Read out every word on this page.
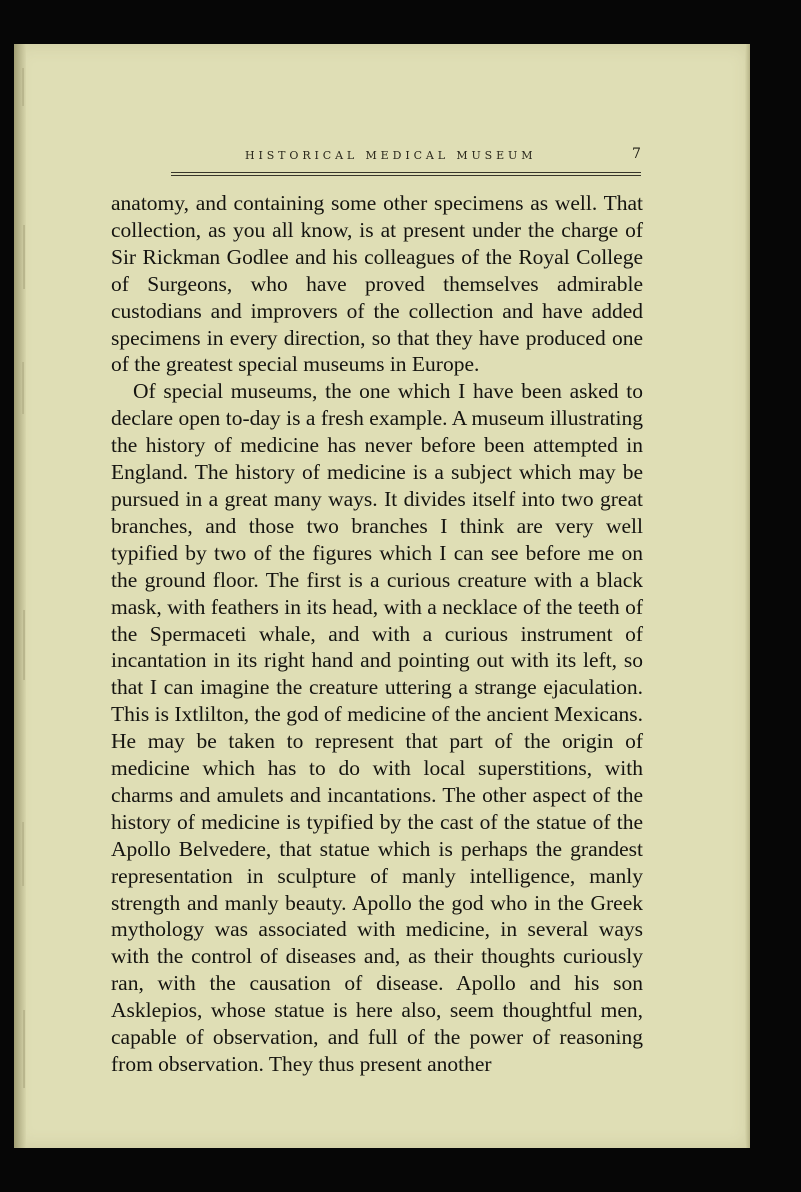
HISTORICAL MEDICAL MUSEUM	7

anatomy, and containing some other specimens as well. That collection, as you all know, is at present under the charge of Sir Rickman Godlee and his colleagues of the Royal College of Surgeons, who have proved themselves admirable custodians and improvers of the collection and have added specimens in every direction, so that they have produced one of the greatest special museums in Europe.

Of special museums, the one which I have been asked to declare open to-day is a fresh example. A museum illustrating the history of medicine has never before been attempted in England. The history of medicine is a subject which may be pursued in a great many ways. It divides itself into two great branches, and those two branches I think are very well typified by two of the figures which I can see before me on the ground floor. The first is a curious creature with a black mask, with feathers in its head, with a necklace of the teeth of the Spermaceti whale, and with a curious instrument of incantation in its right hand and pointing out with its left, so that I can imagine the creature uttering a strange ejaculation. This is Ixtlilton, the god of medicine of the ancient Mexicans. He may be taken to represent that part of the origin of medicine which has to do with local superstitions, with charms and amulets and incantations. The other aspect of the history of medicine is typified by the cast of the statue of the Apollo Belvedere, that statue which is perhaps the grandest representation in sculpture of manly intelligence, manly strength and manly beauty. Apollo the god who in the Greek mythology was associated with medicine, in several ways with the control of diseases and, as their thoughts curiously ran, with the causation of disease. Apollo and his son Asklepios, whose statue is here also, seem thoughtful men, capable of observation, and full of the power of reasoning from observation. They thus present another
